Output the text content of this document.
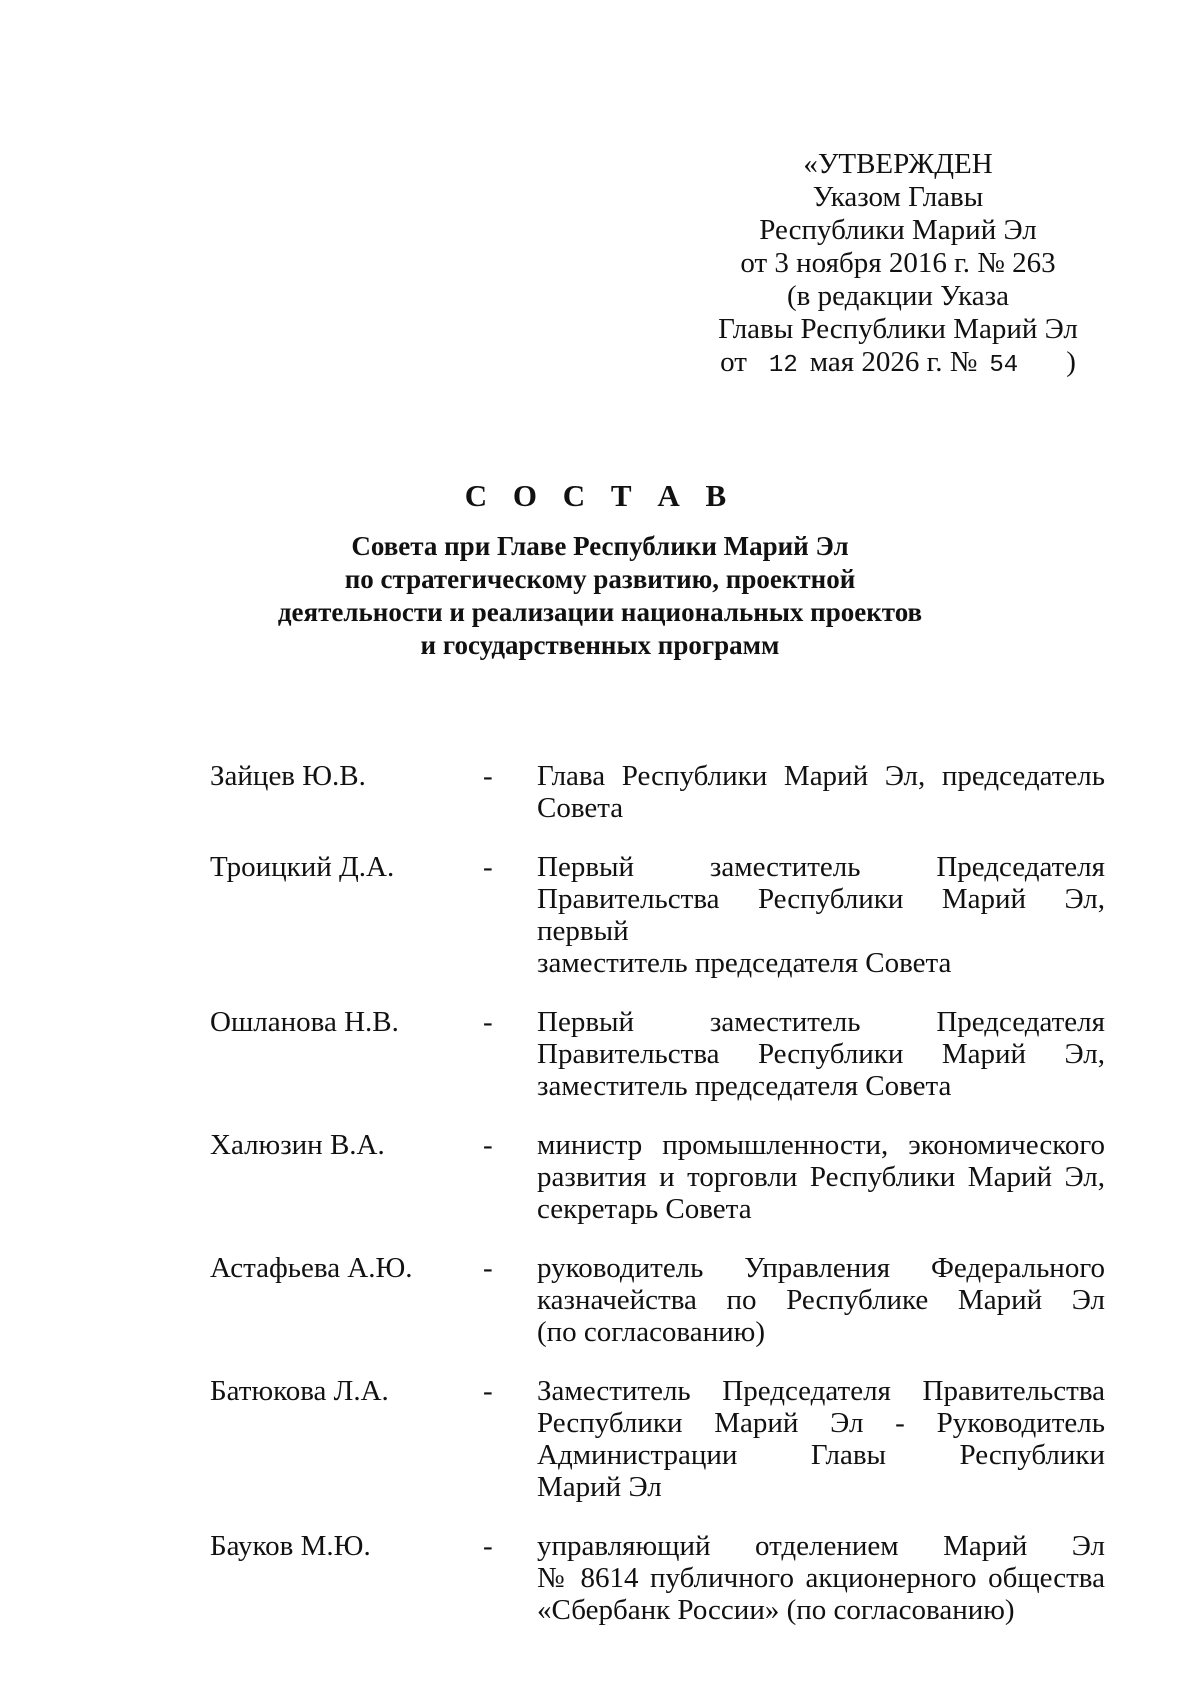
«УТВЕРЖДЕН
Указом Главы
Республики Марий Эл
от 3 ноября 2016 г. № 263
(в редакции Указа
Главы Республики Марий Эл
от 12 мая 2026 г. № 54 )
С О С Т А В
Совета при Главе Республики Марий Эл
по стратегическому развитию, проектной
деятельности и реализации национальных проектов
и государственных программ
Зайцев Ю.В.	- Глава Республики Марий Эл, председатель
Совета
Троицкий Д.А.	- Первый заместитель Председателя
Правительства Республики Марий Эл, первый
заместитель председателя Совета
Ошланова Н.В.	- Первый заместитель Председателя
Правительства Республики Марий Эл,
заместитель председателя Совета
Халюзин В.А.	- министр промышленности, экономического
развития и торговли Республики Марий Эл,
секретарь Совета
Астафьева А.Ю. - руководитель Управления Федерального
казначейства по Республике Марий Эл
(по согласованию)
Батюкова Л.А.	- Заместитель Председателя Правительства
Республики Марий Эл - Руководитель
Администрации Главы Республики
Марий Эл
Бауков М.Ю.	- управляющий отделением Марий Эл
№ 8614 публичного акционерного общества
«Сбербанк России» (по согласованию)
